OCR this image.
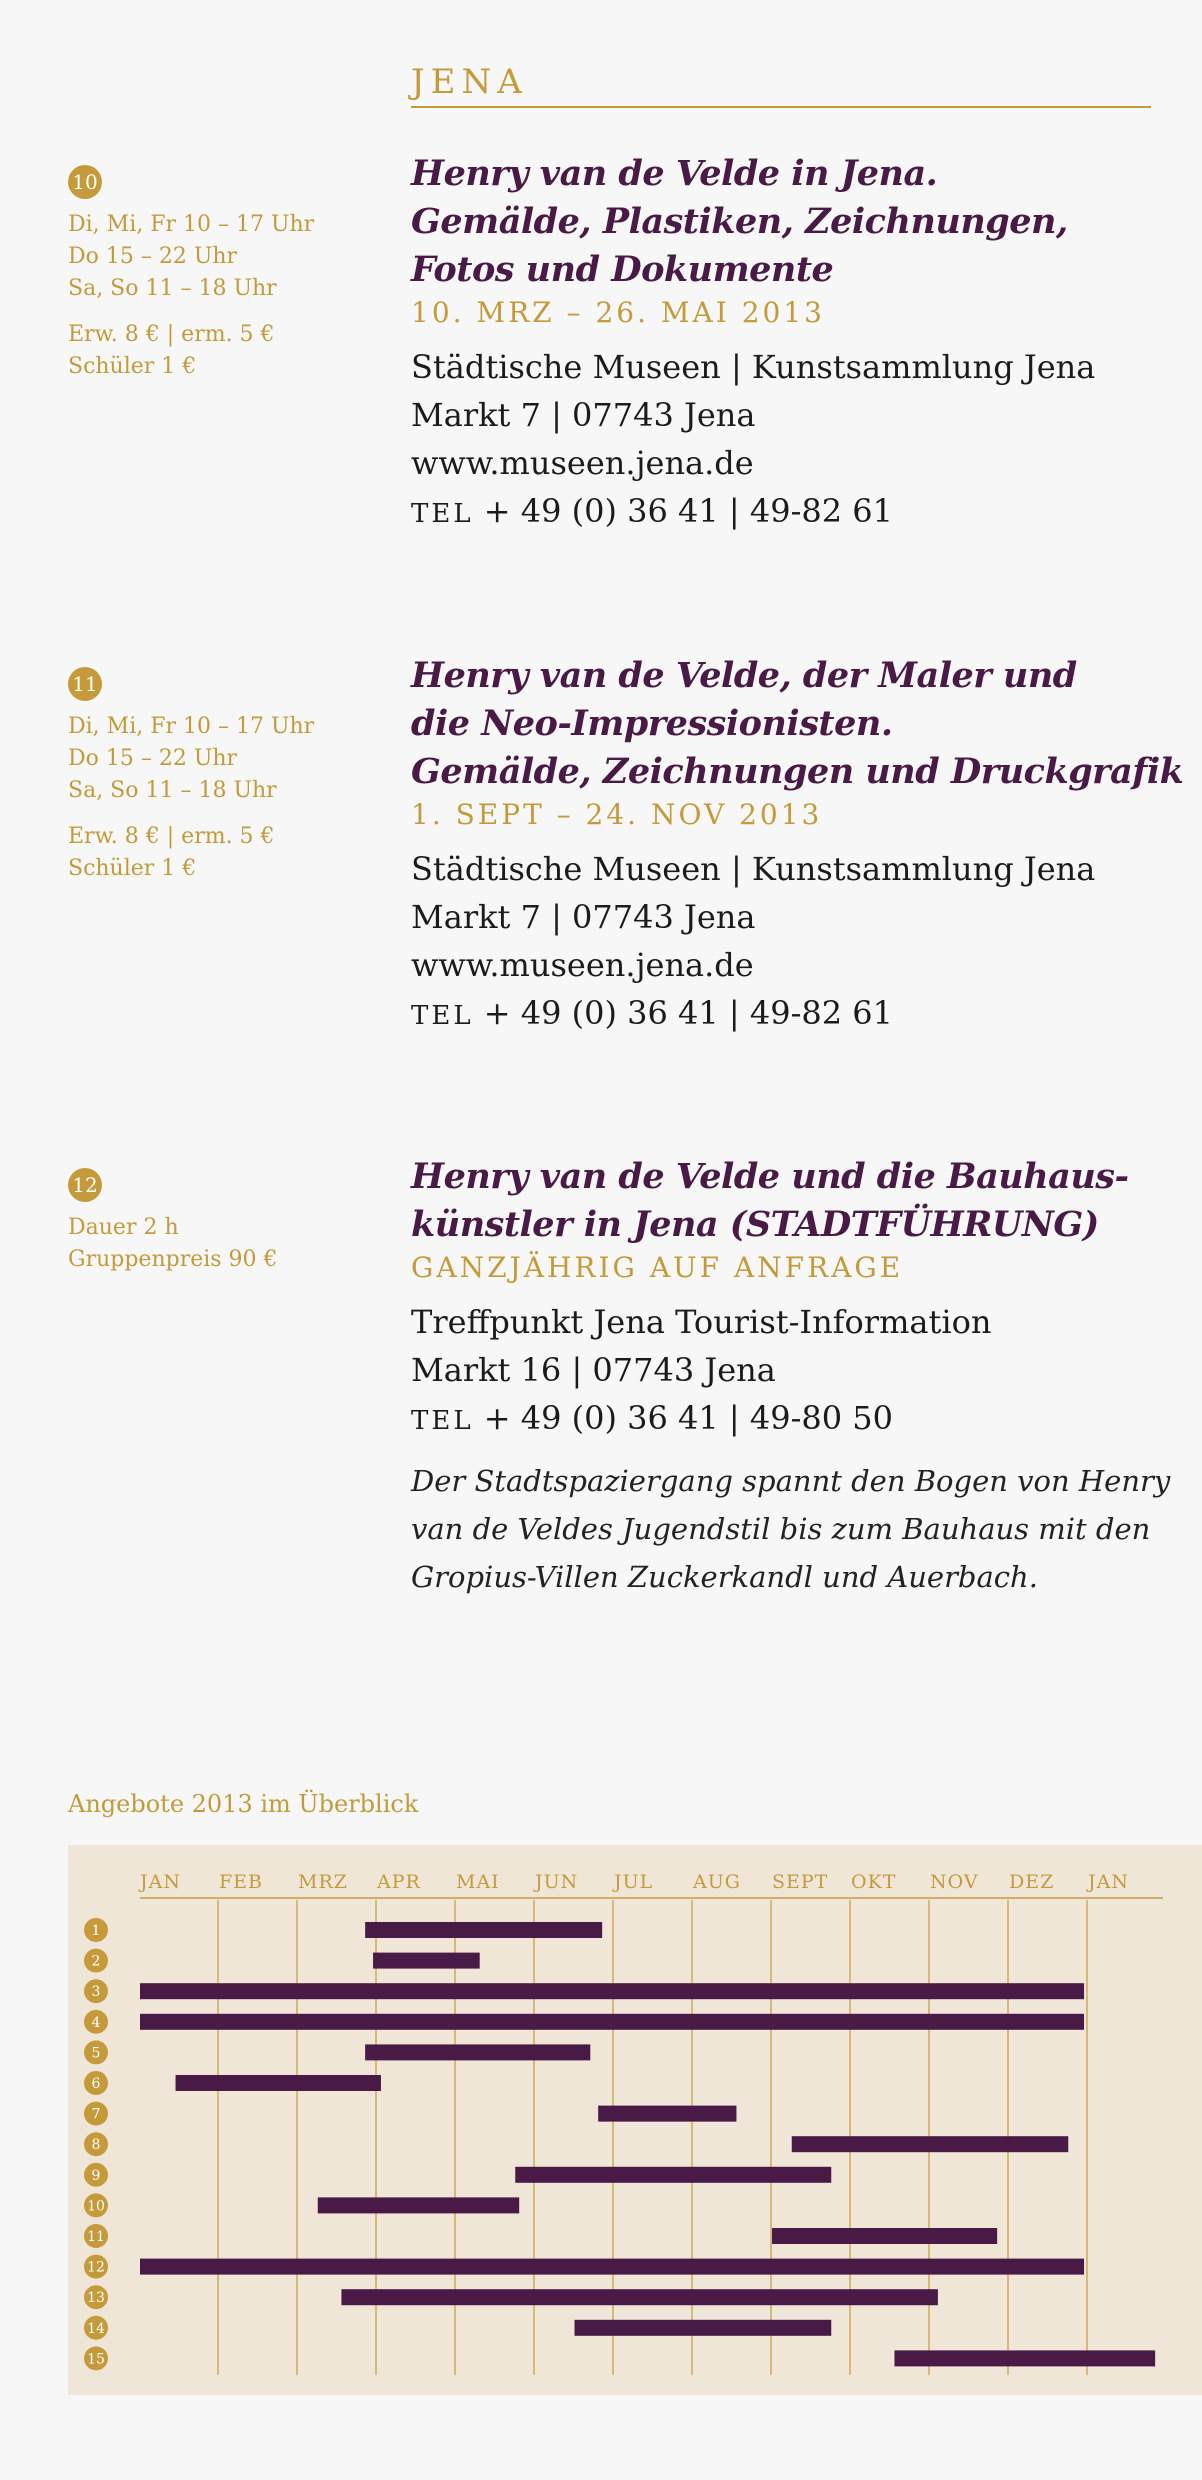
JENA
10
Di, Mi, Fr 10 – 17 Uhr
Do 15 – 22 Uhr
Sa, So 11 – 18 Uhr
Erw. 8 € | erm. 5 €
Schüler 1 €
Henry van de Velde in Jena.
Gemälde, Plastiken, Zeichnungen,
Fotos und Dokumente
10. MRZ – 26. MAI 2013
Städtische Museen | Kunstsammlung Jena
Markt 7 | 07743 Jena
www.museen.jena.de
TEL + 49 (0) 36 41 | 49-82 61
11
Di, Mi, Fr 10 – 17 Uhr
Do 15 – 22 Uhr
Sa, So 11 – 18 Uhr
Erw. 8 € | erm. 5 €
Schüler 1 €
Henry van de Velde, der Maler und
die Neo-Impressionisten.
Gemälde, Zeichnungen und Druckgrafik
1. SEPT – 24. NOV 2013
Städtische Museen | Kunstsammlung Jena
Markt 7 | 07743 Jena
www.museen.jena.de
TEL + 49 (0) 36 41 | 49-82 61
12
Dauer 2 h
Gruppenpreis 90 €
Henry van de Velde und die Bauhaus-
künstler in Jena (STADTFÜHRUNG)
GANZJÄHRIG AUF ANFRAGE
Treffpunkt Jena Tourist-Information
Markt 16 | 07743 Jena
TEL + 49 (0) 36 41 | 49-80 50
Der Stadtspaziergang spannt den Bogen von Henry
van de Veldes Jugendstil bis zum Bauhaus mit den
Gropius-Villen Zuckerkandl und Auerbach.
Angebote 2013 im Überblick
JAN FEB MRZ APR MAI JUN JUL AUG SEPT OKT NOV DEZ JAN
1
2
3
4
5
6
7
8
9
10
11
12
13
14
15
